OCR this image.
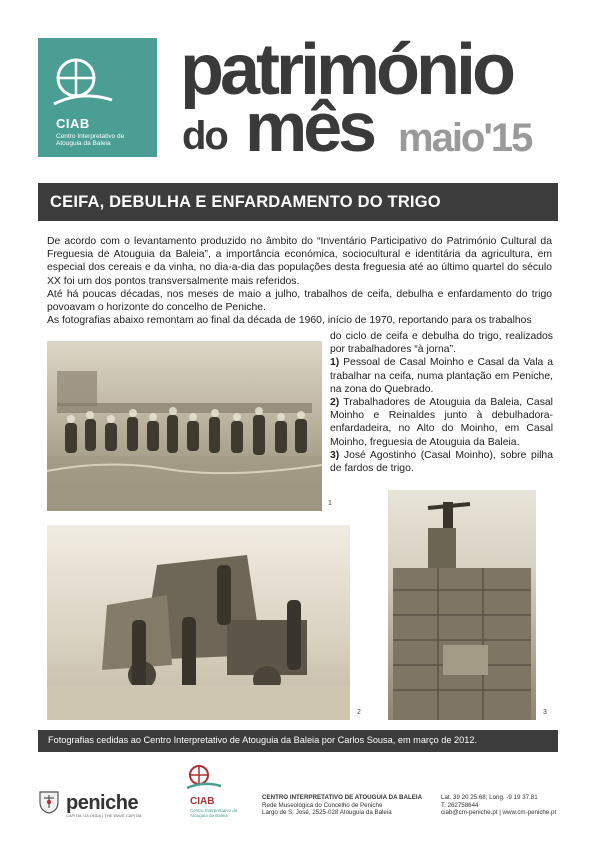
CIAB
Centro Interpretativo de Atouguia da Baleia
património
do mês maio'15
CEIFA, DEBULHA E ENFARDAMENTO DO TRIGO

De acordo com o levantamento produzido no âmbito do “Inventário Participativo do Património Cultural da Freguesia de Atouguia da Baleia”, a importância económica, sociocultural e identitária da agricultura, em especial dos cereais e da vinha, no dia-a-dia das populações desta freguesia até ao último quartel do século XX foi um dos pontos transversalmente mais referidos.

Até há poucas décadas, nos meses de maio a julho, trabalhos de ceifa, debulha e enfardamento do trigo povoavam o horizonte do concelho de Peniche.

As fotografias abaixo remontam ao final da década de 1960, início de 1970, reportando para os trabalhos

do ciclo de ceifa e debulha do trigo, realizados por trabalhadores “à jorna”.

1) Pessoal de Casal Moinho e Casal da Vala a trabalhar na ceifa, numa plantação em Peniche, na zona do Quebrado.

2) Trabalhadores de Atouguia da Baleia, Casal Moinho e Reinaldes junto à debulhadora-enfardadeira, no Alto do Moinho, em Casal Moinho, freguesia de Atouguia da Baleia.

3) José Agostinho (Casal Moinho), sobre pilha de fardos de trigo.

1
2	3
Fotografias cedidas ao Centro Interpretativo de Atouguia da Baleia por Carlos Sousa, em março de 2012.
peniche
CAPITAL DA ONDA | THE WAVE CAPITAL
CIAB
Centro Interpretativo de Atouguia da Baleia
CENTRO INTERPRETATIVO DE ATOUGUIA DA BALEIA
Rede Museológica do Concelho de Peniche
Largo de S. José, 2525-028 Atouguia da Baleia
Lat. 39 20 25.68; Long. -9 19 37.81
T. 262758644
ciab@cm-peniche.pt | www.cm-peniche.pt
